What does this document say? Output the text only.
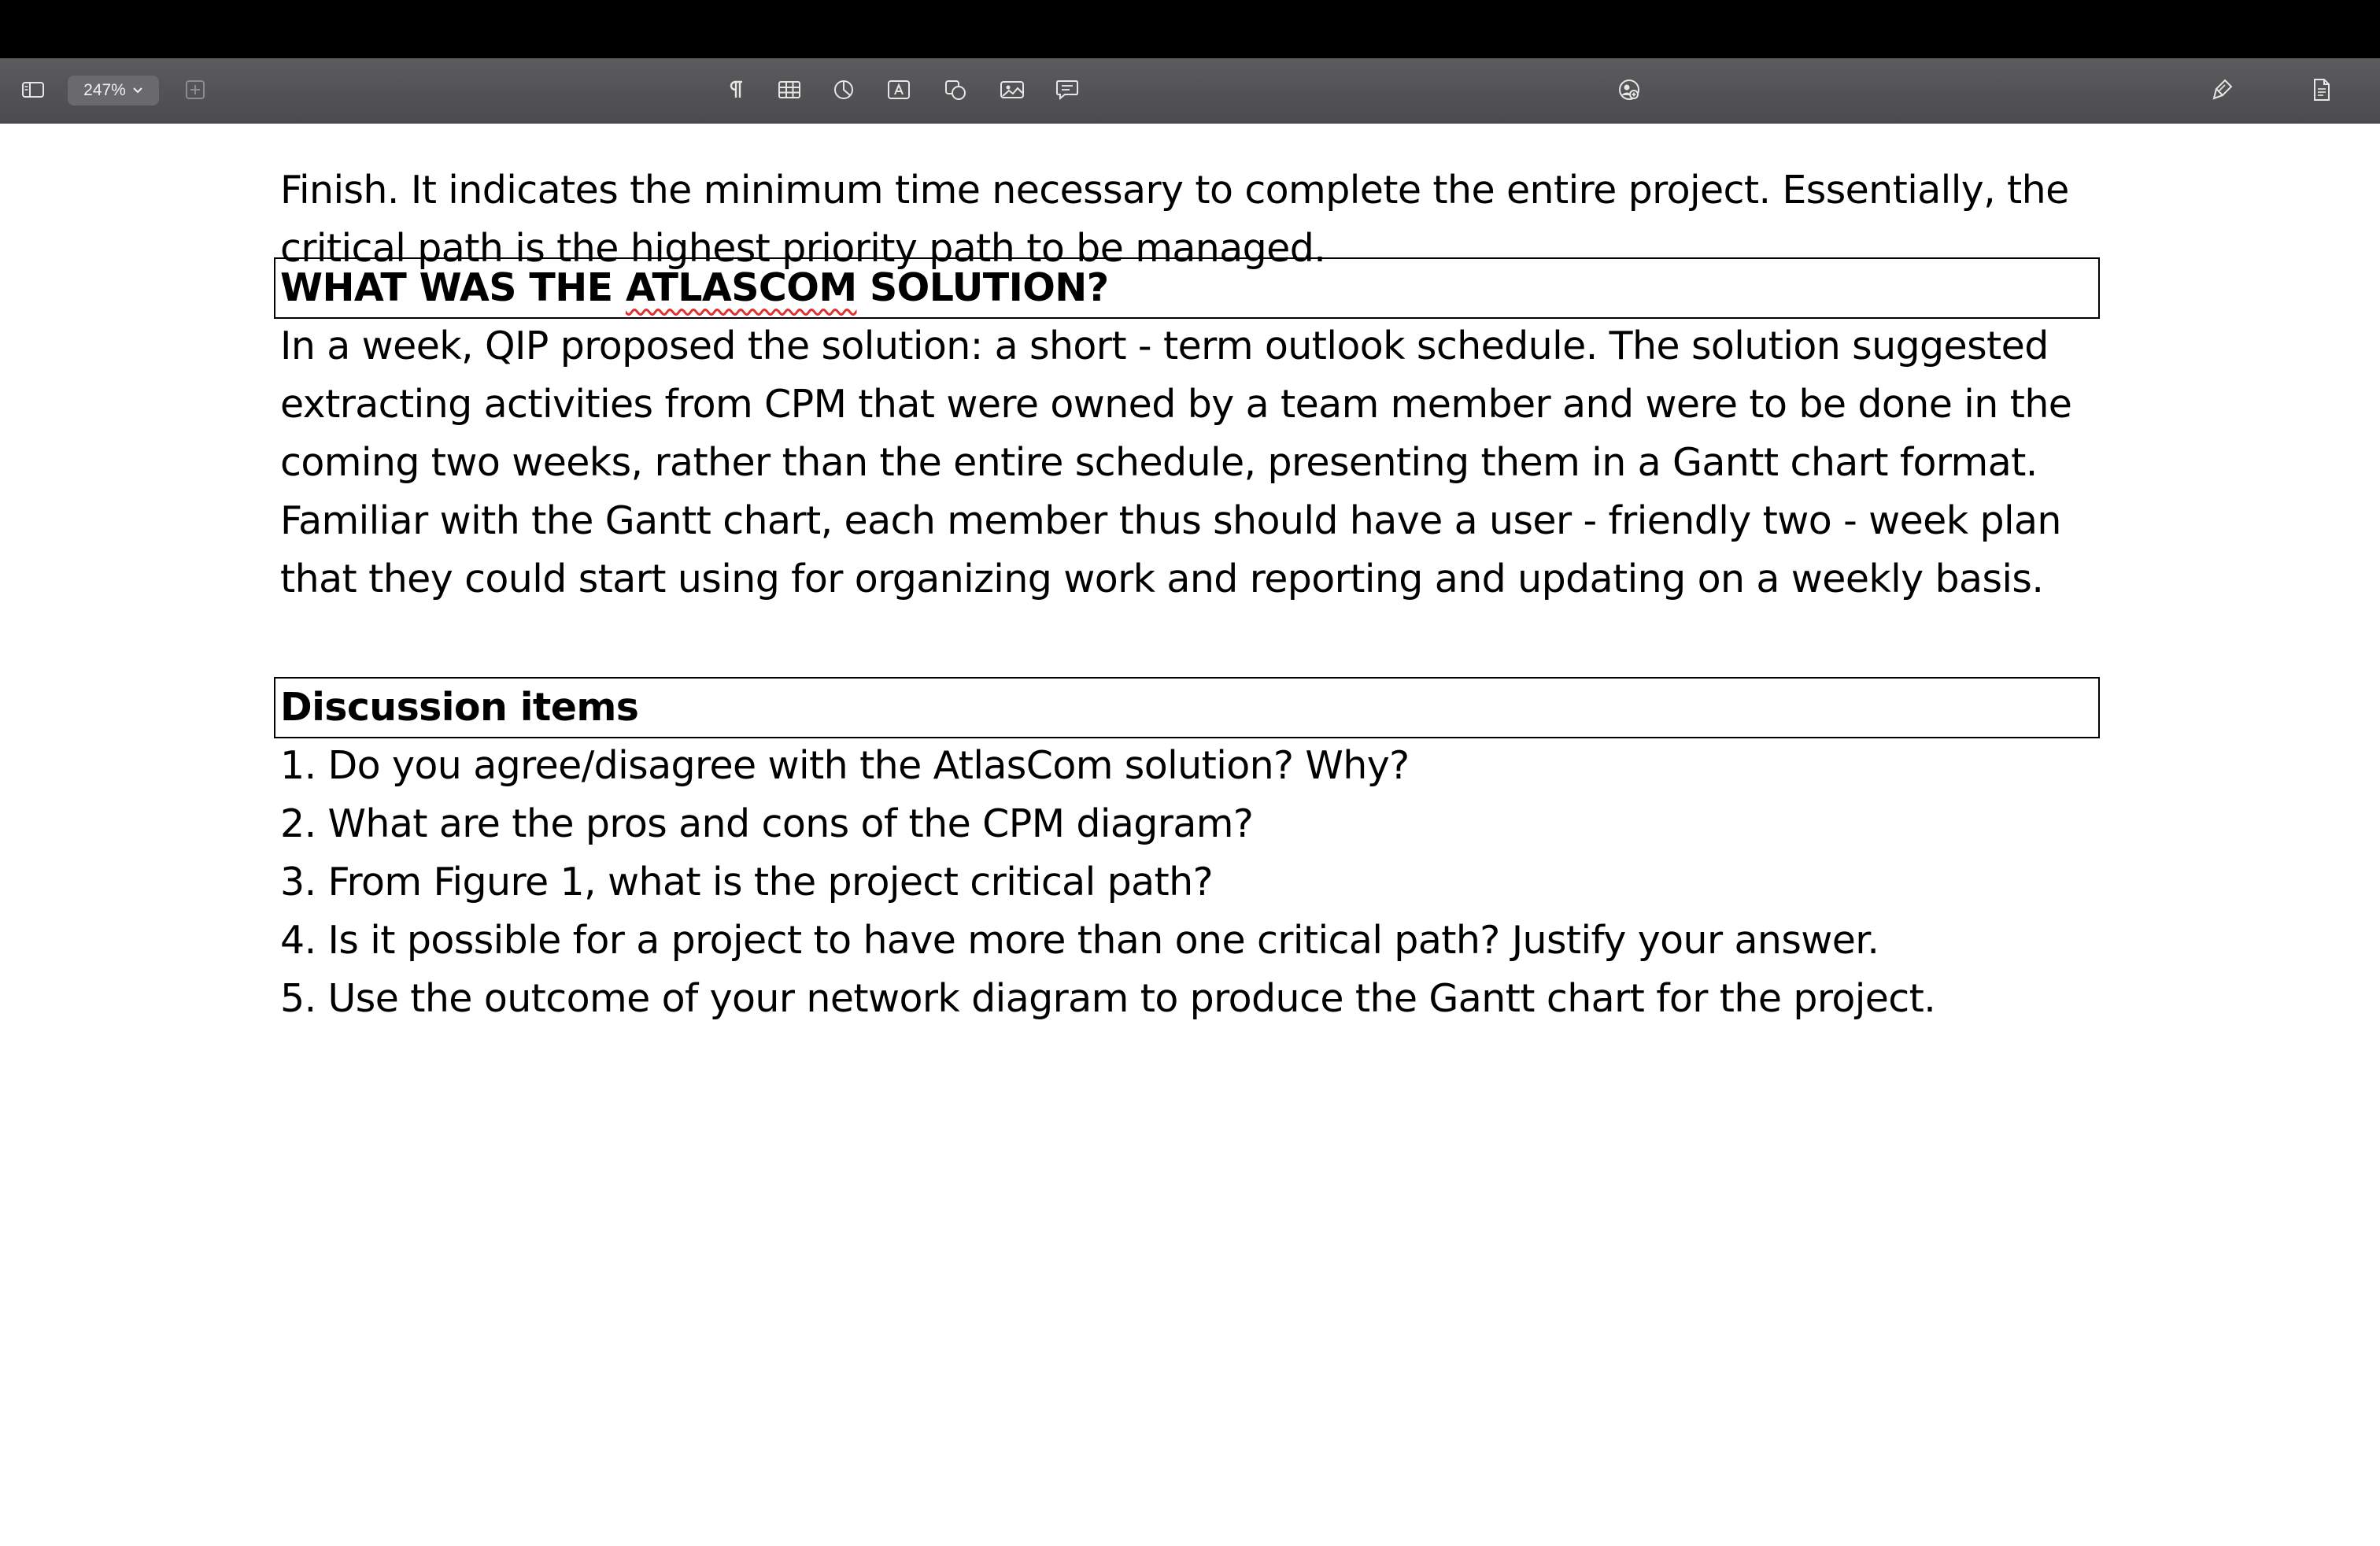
247%
Finish. It indicates the minimum time necessary to complete the entire project. Essentially, the
critical path is the highest priority path to be managed.
WHAT WAS THE ATLASCOM SOLUTION?
In a week, QIP proposed the solution: a short - term outlook schedule. The solution suggested
extracting activities from CPM that were owned by a team member and were to be done in the
coming two weeks, rather than the entire schedule, presenting them in a Gantt chart format.
Familiar with the Gantt chart, each member thus should have a user - friendly two - week plan
that they could start using for organizing work and reporting and updating on a weekly basis.
Discussion items
1. Do you agree/disagree with the AtlasCom solution? Why?
2. What are the pros and cons of the CPM diagram?
3. From Figure 1, what is the project critical path?
4. Is it possible for a project to have more than one critical path? Justify your answer.
5. Use the outcome of your network diagram to produce the Gantt chart for the project.
